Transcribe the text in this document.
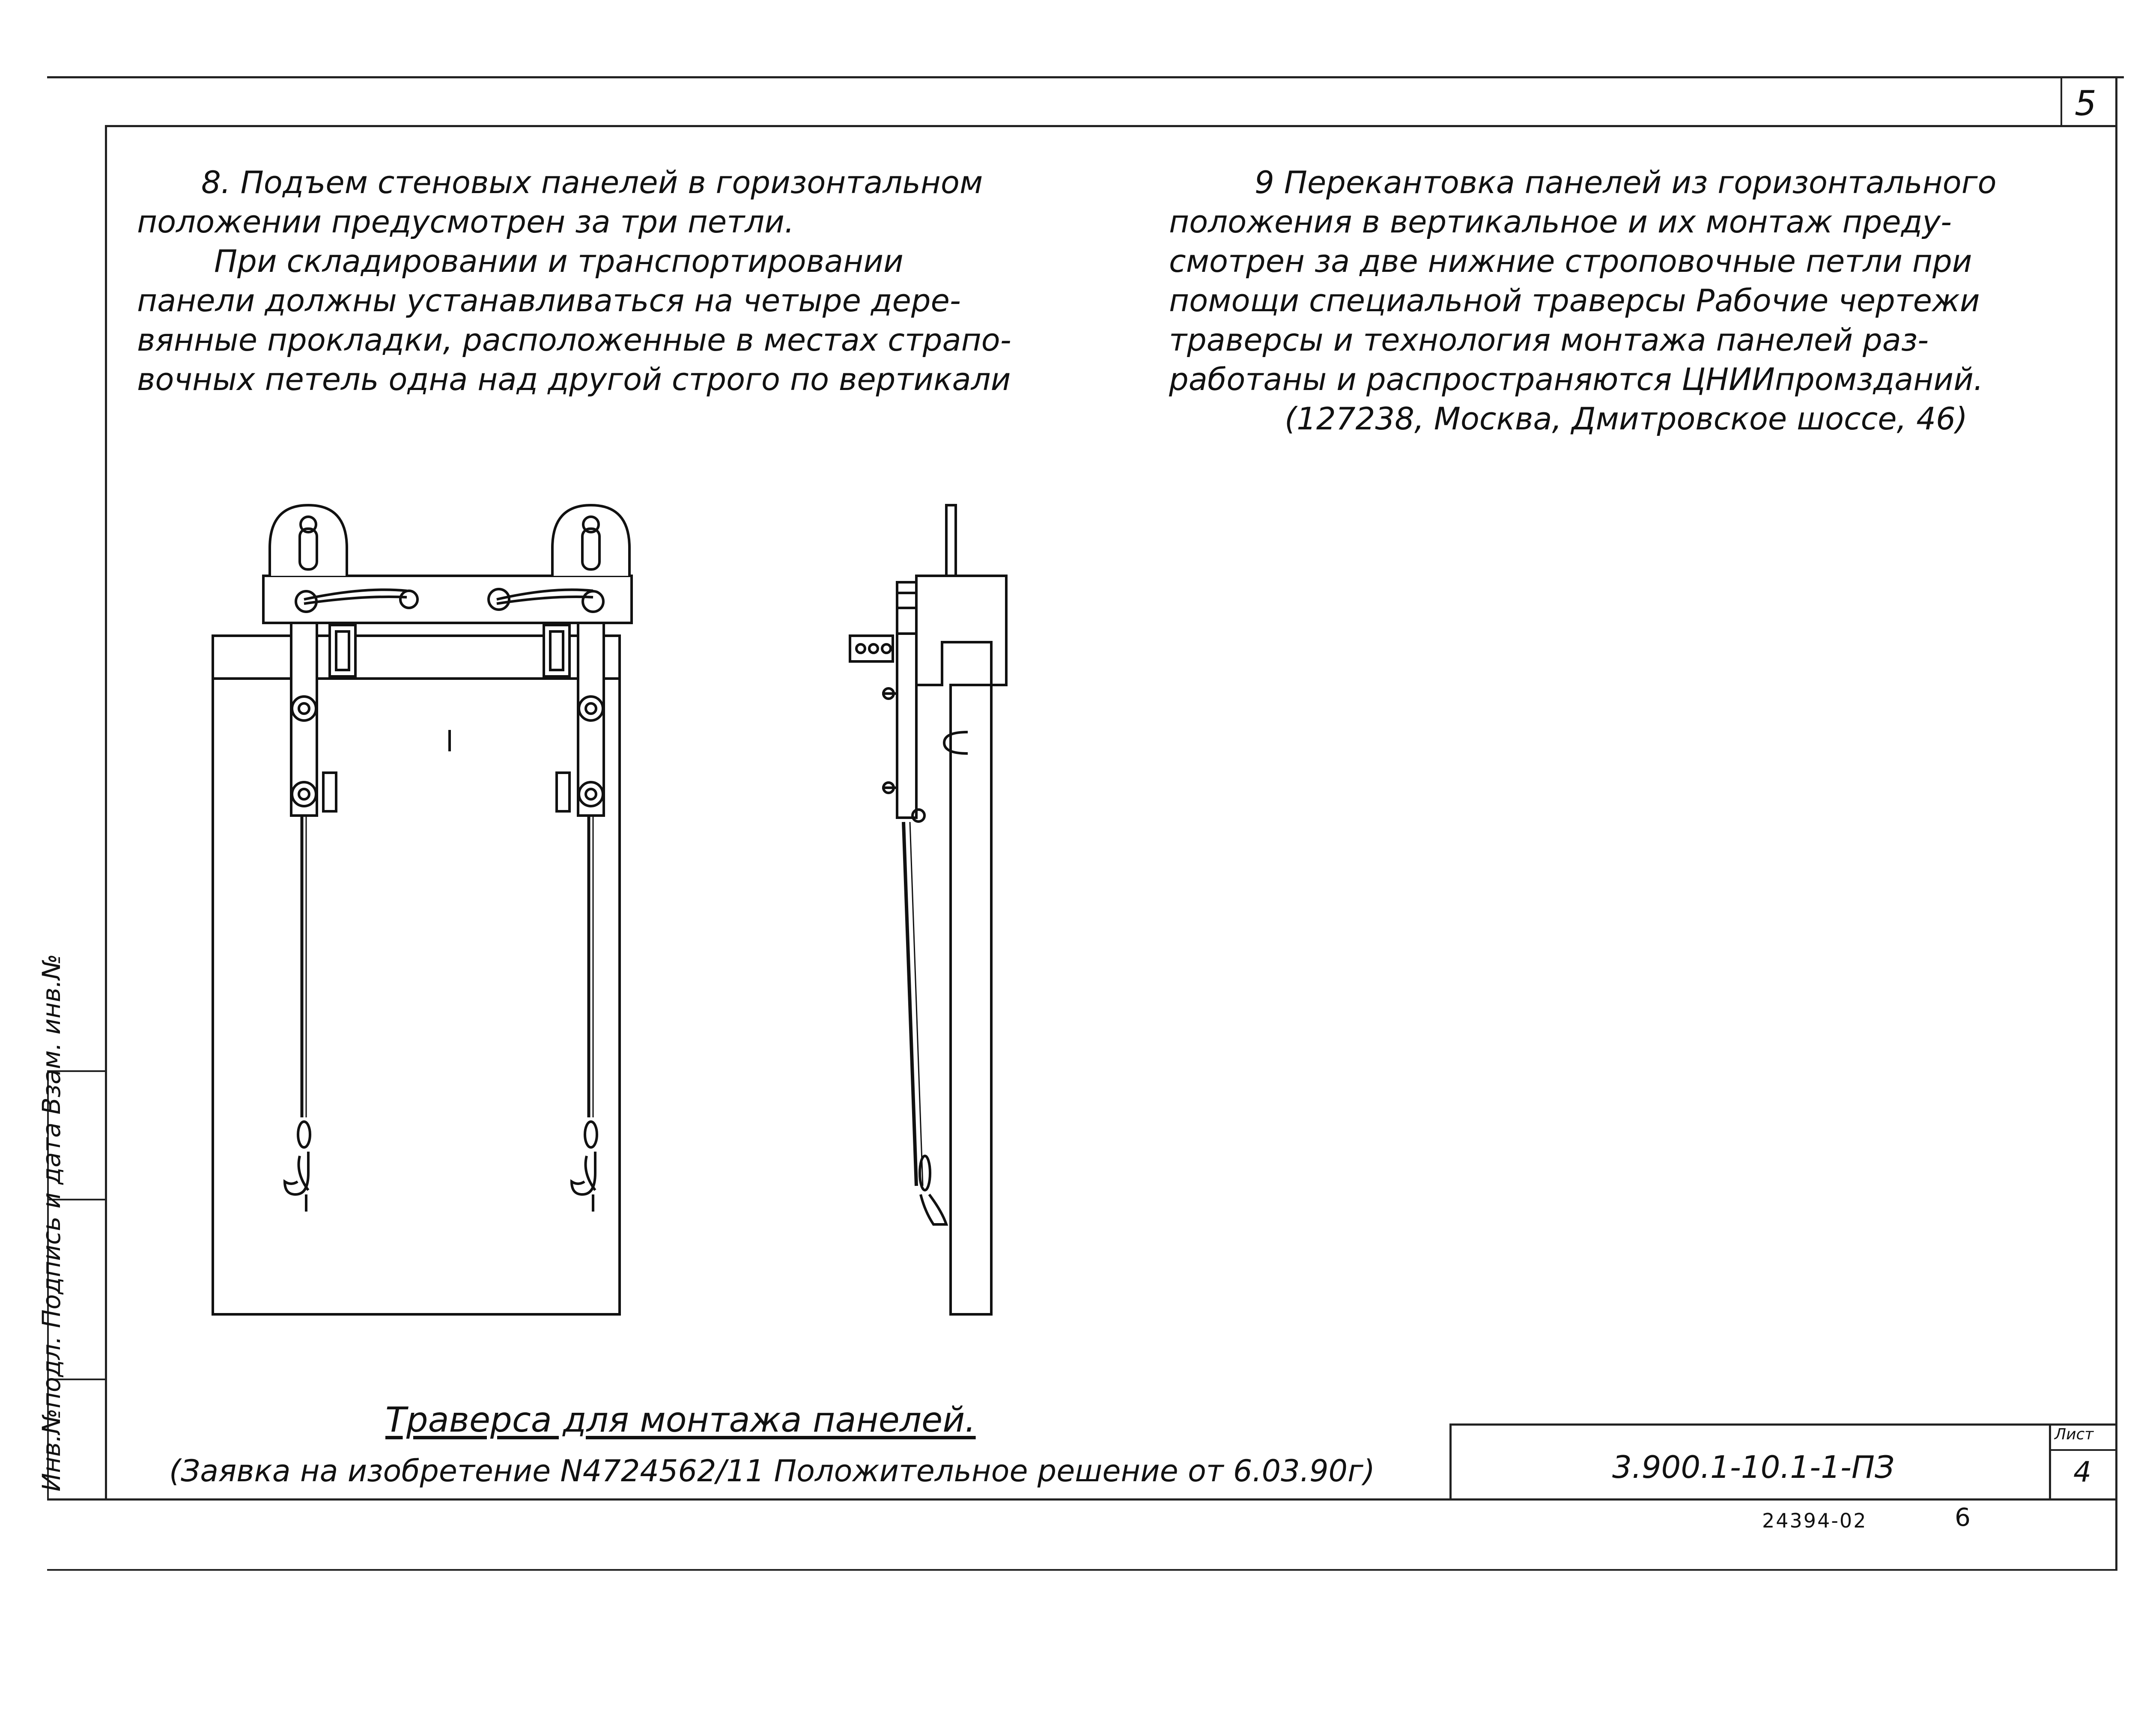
5
Инв.№подл. Подпись и дата Взам. инв.№
8. Подъем стеновых панелей в горизонтальном
положении предусмотрен за три петли.
При складировании и транспортировании
панели должны устанавливаться на четыре дере-
вянные прокладки, расположенные в местах страпо-
вочных петель одна над другой строго по вертикали
9 Перекантовка панелей из горизонтального
положения в вертикальное и их монтаж преду-
смотрен за две нижние строповочные петли при
помощи специальной траверсы Рабочие чертежи
траверсы и технология монтажа панелей раз-
работаны и распространяются ЦНИИпромзданий.
(127238, Москва, Дмитровское шоссе, 46)
Траверса для монтажа панелей.
(Заявка на изобретение N4724562/11 Положительное решение от 6.03.90г)	3.900.1-10.1-1-ПЗ
Лист
4
24394-02	6
